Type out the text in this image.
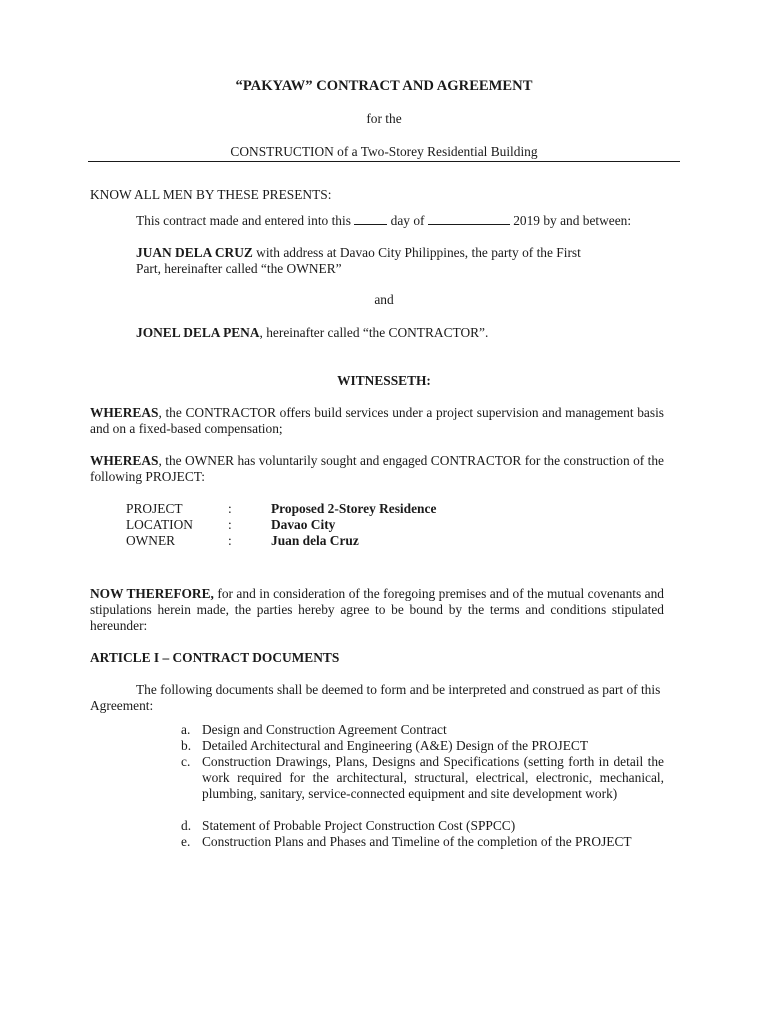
“PAKYAW” CONTRACT AND AGREEMENT
for the
CONSTRUCTION of a Two-Storey Residential Building
KNOW ALL MEN BY THESE PRESENTS:
This contract made and entered into this	day of	2019 by and between:
JUAN DELA CRUZ with address at Davao City Philippines, the party of the First
Part, hereinafter called “the OWNER”
and
JONEL DELA PENA, hereinafter called “the CONTRACTOR”.
WITNESSETH:
WHEREAS, the CONTRACTOR offers build services under a project supervision and management basis and on a fixed-based compensation;
WHEREAS, the OWNER has voluntarily sought and engaged CONTRACTOR for the construction of the following PROJECT:
PROJECT	:	Proposed 2-Storey Residence
LOCATION	:	Davao City
OWNER	:	Juan dela Cruz
NOW THEREFORE, for and in consideration of the foregoing premises and of the mutual covenants and stipulations herein made, the parties hereby agree to be bound by the terms and conditions stipulated hereunder:
ARTICLE I – CONTRACT DOCUMENTS
The following documents shall be deemed to form and be interpreted and construed as part of this Agreement:
a. Design and Construction Agreement Contract
b. Detailed Architectural and Engineering (A&E) Design of the PROJECT
c. Construction Drawings, Plans, Designs and Specifications (setting forth in detail the work required for the architectural, structural, electrical, electronic, mechanical, plumbing, sanitary, service-connected equipment and site development work)
d. Statement of Probable Project Construction Cost (SPPCC)
e. Construction Plans and Phases and Timeline of the completion of the PROJECT
